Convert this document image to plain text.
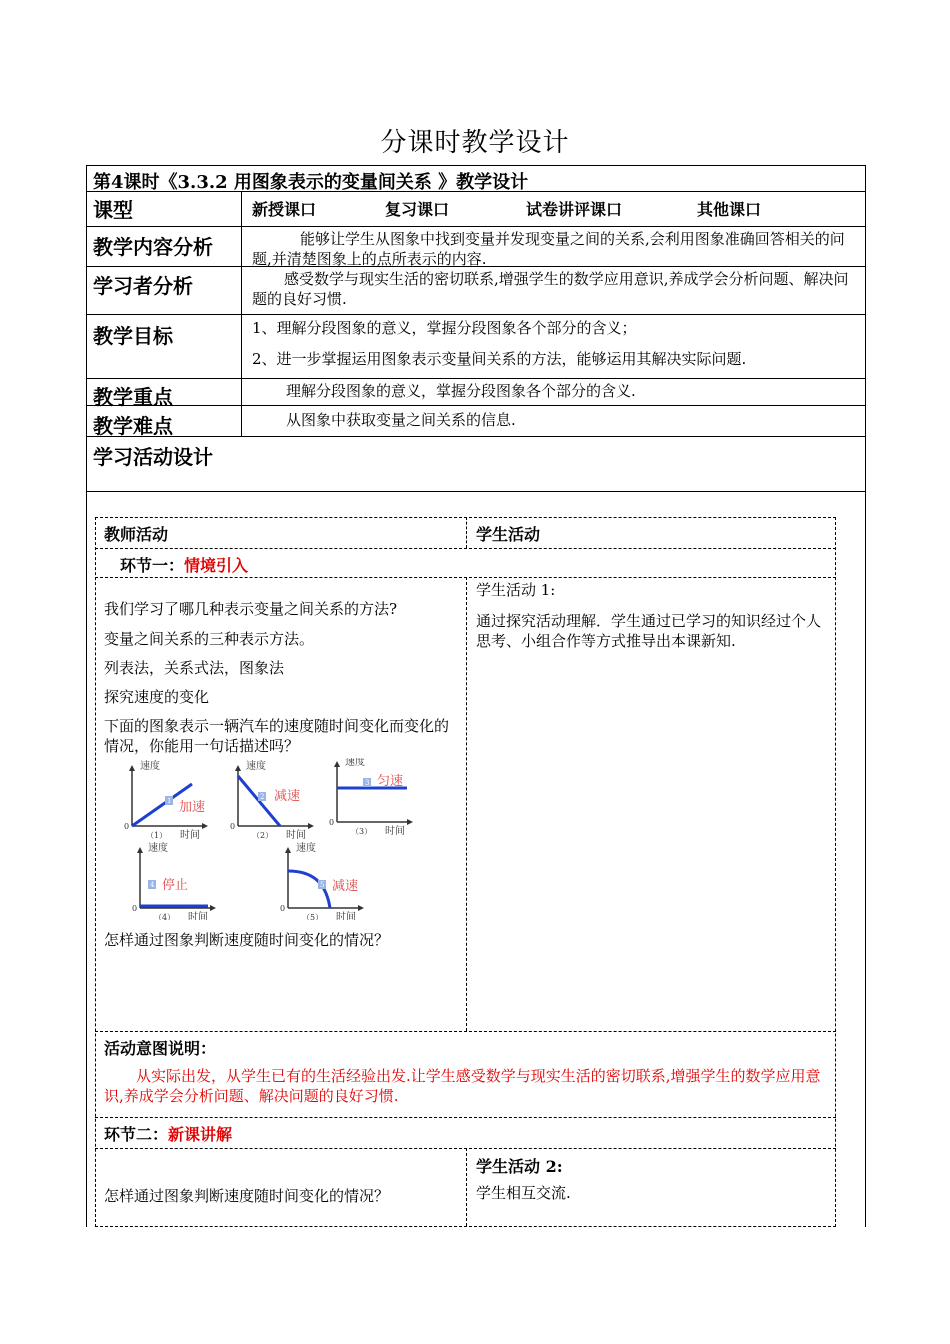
分课时教学设计
第4课时《3.3.2 用图象表示的变量间关系 》教学设计
课型	新授课口	复习课口	试卷讲评课口	其他课口
教学内容分析	能够让学生从图象中找到变量并发现变量之间的关系,会利用图象准确回答相关的问题,并清楚图象上的点所表示的内容.
学习者分析	感受数学与现实生活的密切联系,增强学生的数学应用意识,养成学会分析问题、解决问题的良好习惯.
教学目标	1、理解分段图象的意义，掌握分段图象各个部分的含义；
2、进一步掌握运用图象表示变量间关系的方法，能够运用其解决实际问题.
教学重点	理解分段图象的意义，掌握分段图象各个部分的含义.
教学难点	从图象中获取变量之间关系的信息.
学习活动设计
教师活动	学生活动
环节一：情境引入
我们学习了哪几种表示变量之间关系的方法?
变量之间关系的三种表示方法。
列表法，关系式法，图象法
探究速度的变化
下面的图象表示一辆汽车的速度随时间变化而变化的情况，你能用一句话描述吗？
速度
时间
0
（1）
1 加速
速度
时间
0
（2）
2 减速
速度
时间
0
（3）
3 匀速
速度
时间
0
（4）
4 停止
速度
时间
0
（5）
5 减速
怎样通过图象判断速度随时间变化的情况？
学生活动 1:
通过探究活动理解．学生通过已学习的知识经过个人思考、小组合作等方式推导出本课新知.
活动意图说明：
从实际出发，从学生已有的生活经验出发.让学生感受数学与现实生活的密切联系,增强学生的数学应用意识,养成学会分析问题、解决问题的良好习惯.
环节二：新课讲解
怎样通过图象判断速度随时间变化的情况？
学生活动 2:
学生相互交流.
